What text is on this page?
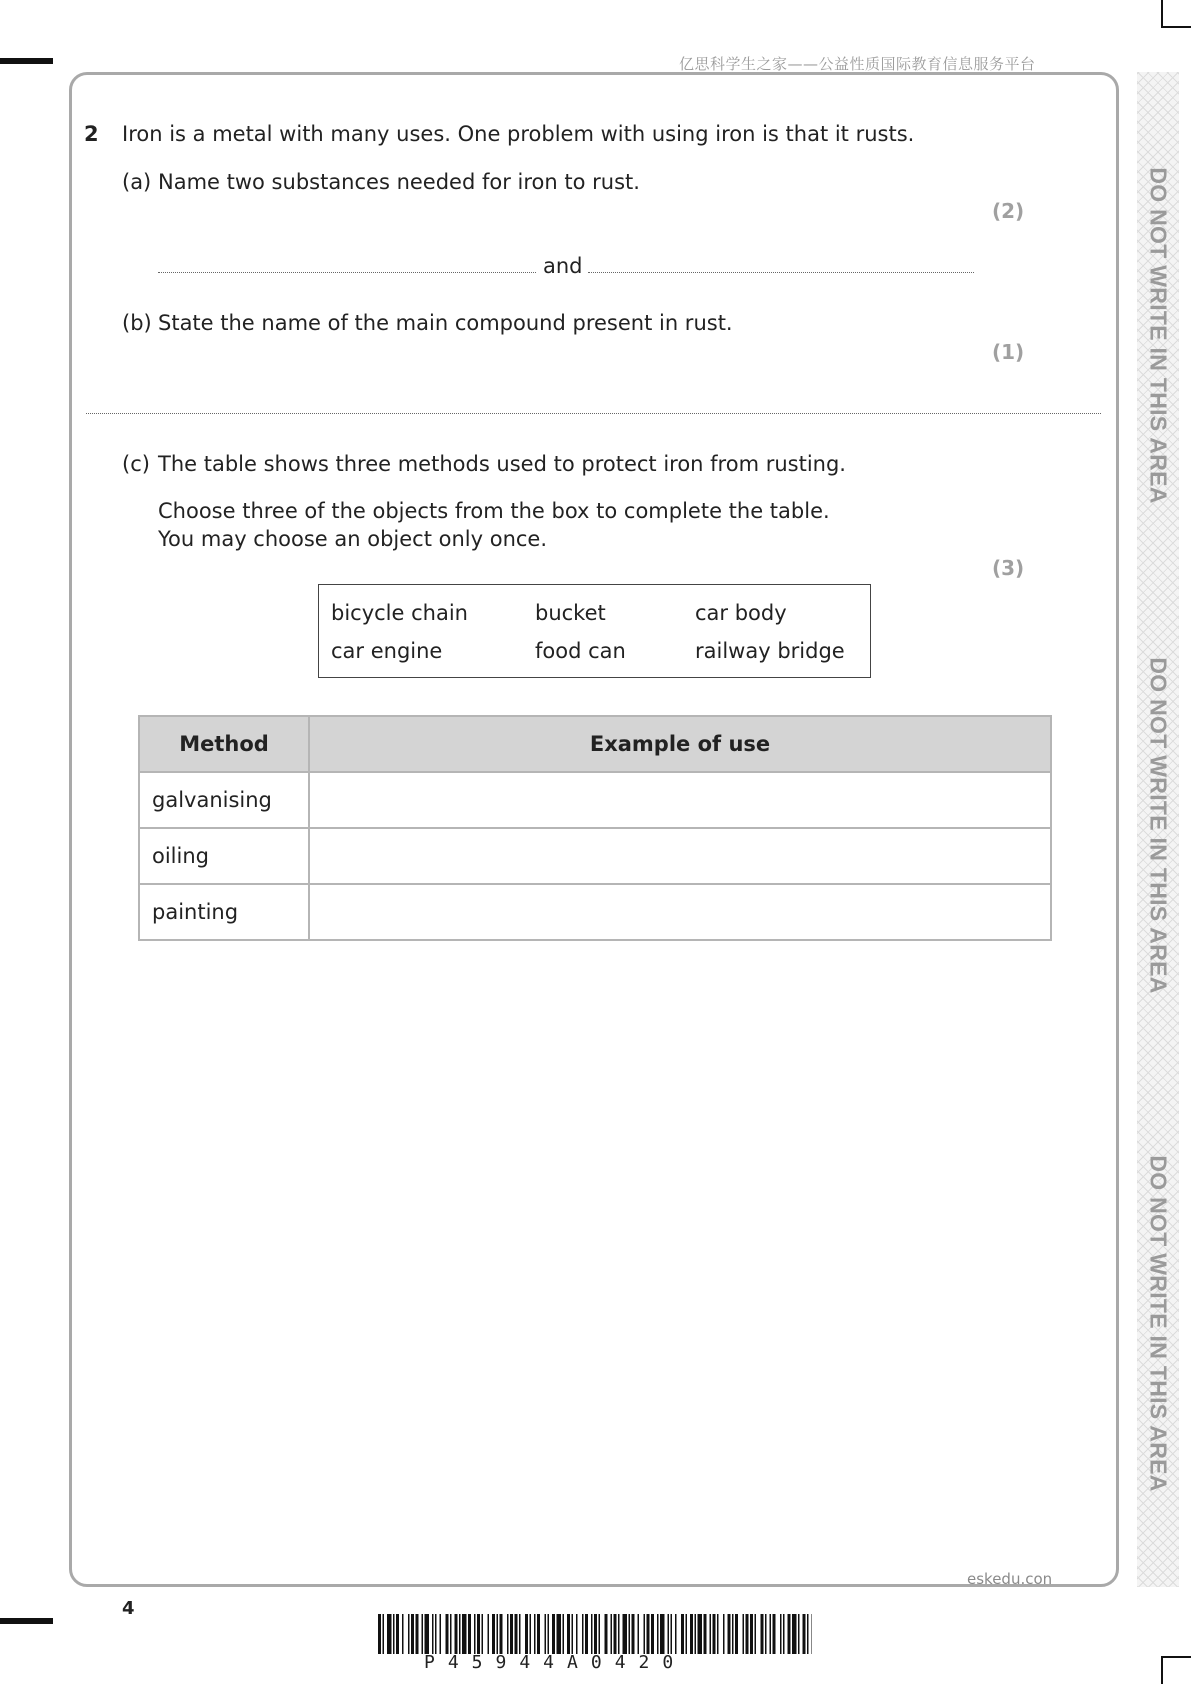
亿思科学生之家——公益性质国际教育信息服务平台
DO NOT WRITE IN THIS AREA
DO NOT WRITE IN THIS AREA
DO NOT WRITE IN THIS AREA
2 Iron is a metal with many uses. One problem with using iron is that it rusts.
(a) Name two substances needed for iron to rust.
(2)
and
(b) State the name of the main compound present in rust.
(1)
(c) The table shows three methods used to protect iron from rusting.
Choose three of the objects from the box to complete the table.
You may choose an object only once.
(3)
bicycle chain	bucket	car body
car engine	food can	railway bridge
Method	Example of use
galvanising	
oiling	
painting	
eskedu.con
4
P45944A0420
